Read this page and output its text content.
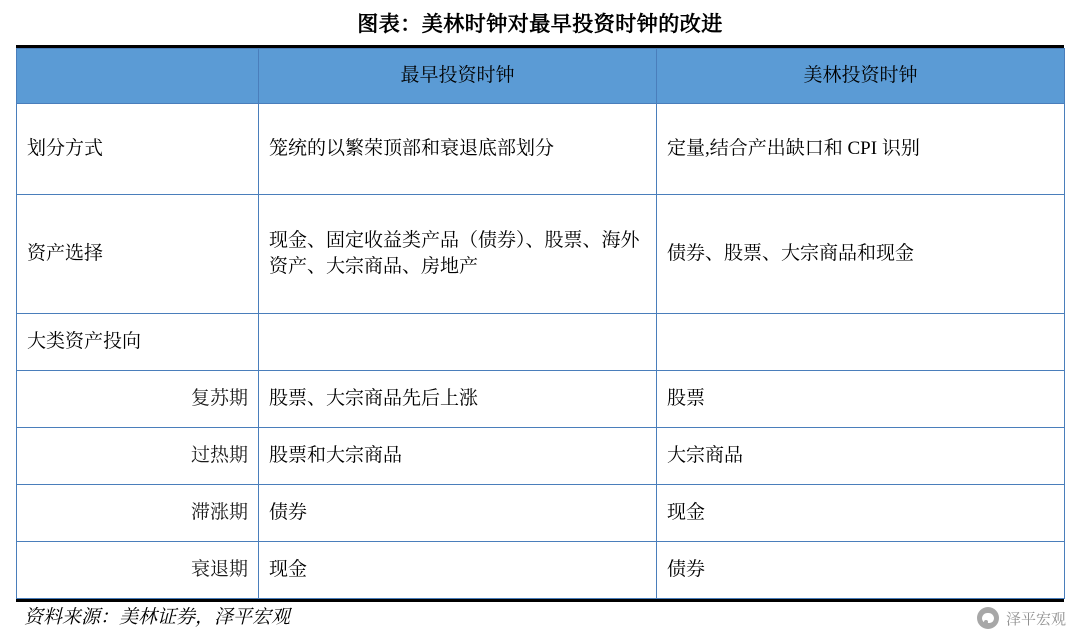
图表：美林时钟对最早投资时钟的改进
	最早投资时钟	美林投资时钟
划分方式	笼统的以繁荣顶部和衰退底部划分	定量,结合产出缺口和 CPI 识别
资产选择	现金、固定收益类产品（债券）、股票、海外资产、大宗商品、房地产	债券、股票、大宗商品和现金
大类资产投向		
复苏期	股票、大宗商品先后上涨	股票
过热期	股票和大宗商品	大宗商品
滞涨期	债券	现金
衰退期	现金	债券
资料来源：美林证券，泽平宏观	泽平宏观
